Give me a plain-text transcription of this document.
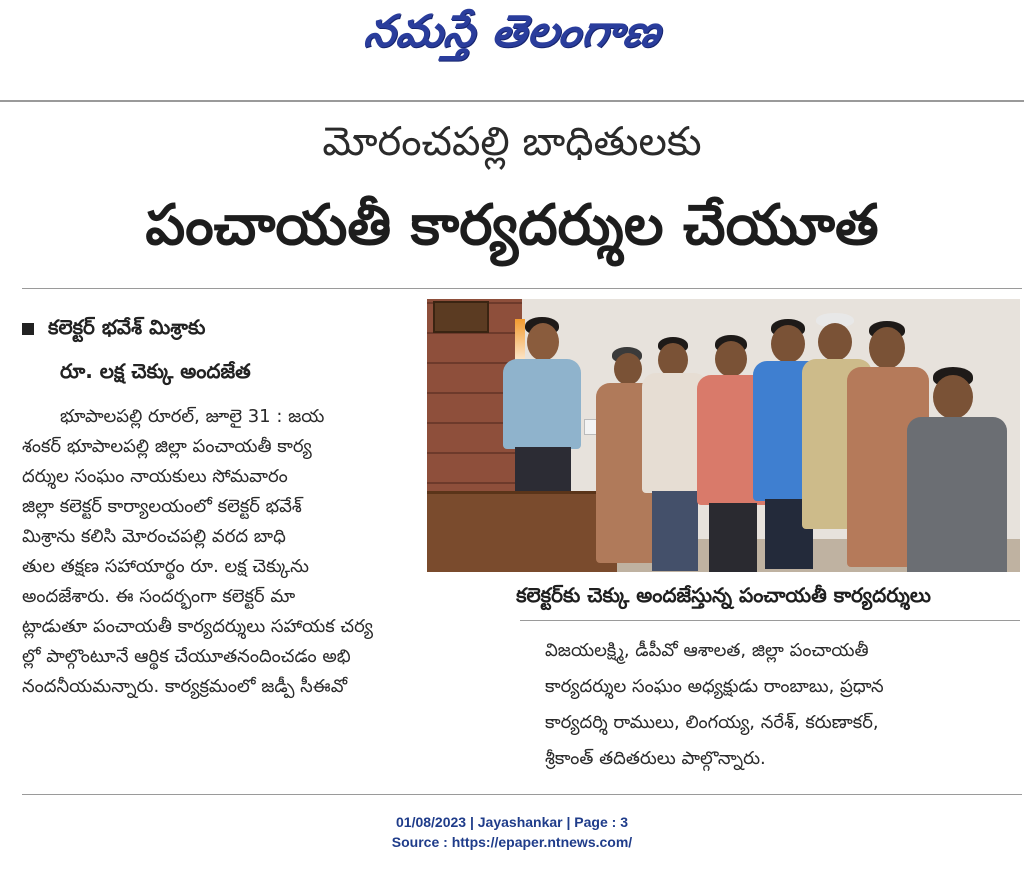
నమస్తే తెలంగాణ
మోరంచపల్లి బాధితులకు
పంచాయతీ కార్యదర్శుల చేయూత
కలెక్టర్ భవేశ్ మిశ్రాకు
రూ. లక్ష చెక్కు అందజేత
భూపాలపల్లి రూరల్, జూలై 31 : జయ
శంకర్ భూపాలపల్లి జిల్లా పంచాయతీ కార్య
దర్శుల సంఘం నాయకులు సోమవారం
జిల్లా కలెక్టర్ కార్యాలయంలో కలెక్టర్ భవేశ్
మిశ్రాను కలిసి మోరంచపల్లి వరద బాధి
తుల తక్షణ సహాయార్థం రూ. లక్ష చెక్కును
అందజేశారు. ఈ సందర్భంగా కలెక్టర్ మా
ట్లాడుతూ పంచాయతీ కార్యదర్శులు సహాయక చర్య
ల్లో పాల్గొంటూనే ఆర్థిక చేయూతనందించడం అభి
నందనీయమన్నారు. కార్యక్రమంలో జడ్పీ సీఈవో
కలెక్టర్‌కు చెక్కు అందజేస్తున్న పంచాయతీ కార్యదర్శులు
విజయలక్ష్మి, డీపీవో ఆశాలత, జిల్లా పంచాయతీ
కార్యదర్శుల సంఘం అధ్యక్షుడు రాంబాబు, ప్రధాన
కార్యదర్శి రాములు, లింగయ్య, నరేశ్, కరుణాకర్,
శ్రీకాంత్ తదితరులు పాల్గొన్నారు.
01/08/2023 | Jayashankar | Page : 3
Source : https://epaper.ntnews.com/
